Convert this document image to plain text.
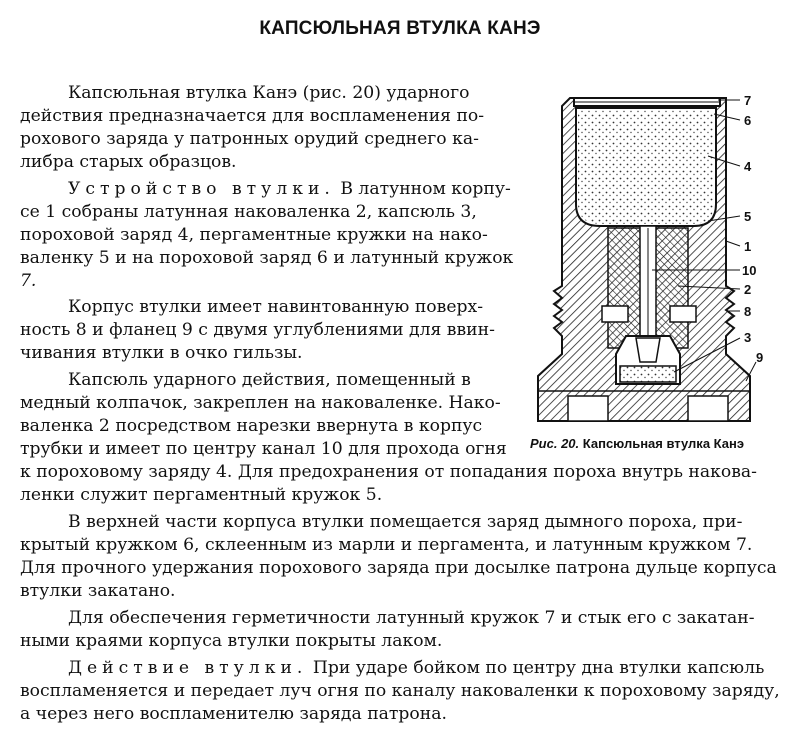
КАПСЮЛЬНАЯ ВТУЛКА КАНЭ
Капсюльная втулка Канэ (рис. 20) ударного
действия предназначается для воспламенения по-
рохового заряда у патронных орудий среднего ка-
либра старых образцов.
Устройство втулки. В латунном корпу-
се 1 собраны латунная наковаленка 2, капсюль 3,
пороховой заряд 4, пергаментные кружки на нако-
валенку 5 и на пороховой заряд 6 и латунный кружок
7.
Корпус втулки имеет навинтованную поверх-
ность 8 и фланец 9 с двумя углублениями для ввин-
чивания втулки в очко гильзы.
Капсюль ударного действия, помещенный в
медный колпачок, закреплен на наковаленке. Нако-
валенка 2 посредством нарезки ввернута в корпус
трубки и имеет по центру канал 10 для прохода огня
к пороховому заряду 4. Для предохранения от попадания пороха внутрь накова-
ленки служит пергаментный кружок 5.
В верхней части корпуса втулки помещается заряд дымного пороха, при-
крытый кружком 6, склеенным из марли и пергамента, и латунным кружком 7.
Для прочного удержания порохового заряда при досылке патрона дульце корпуса
втулки закатано.
Для обеспечения герметичности латунный кружок 7 и стык его с закатан-
ными краями корпуса втулки покрыты лаком.
Действие втулки. При ударе бойком по центру дна втулки капсюль
воспламеняется и передает луч огня по каналу наковаленки к пороховому заряду,
а через него воспламенителю заряда патрона.
7
6
4
5
1
10
2
8
3
9
Рис. 20. Капсюльная втулка Канэ
